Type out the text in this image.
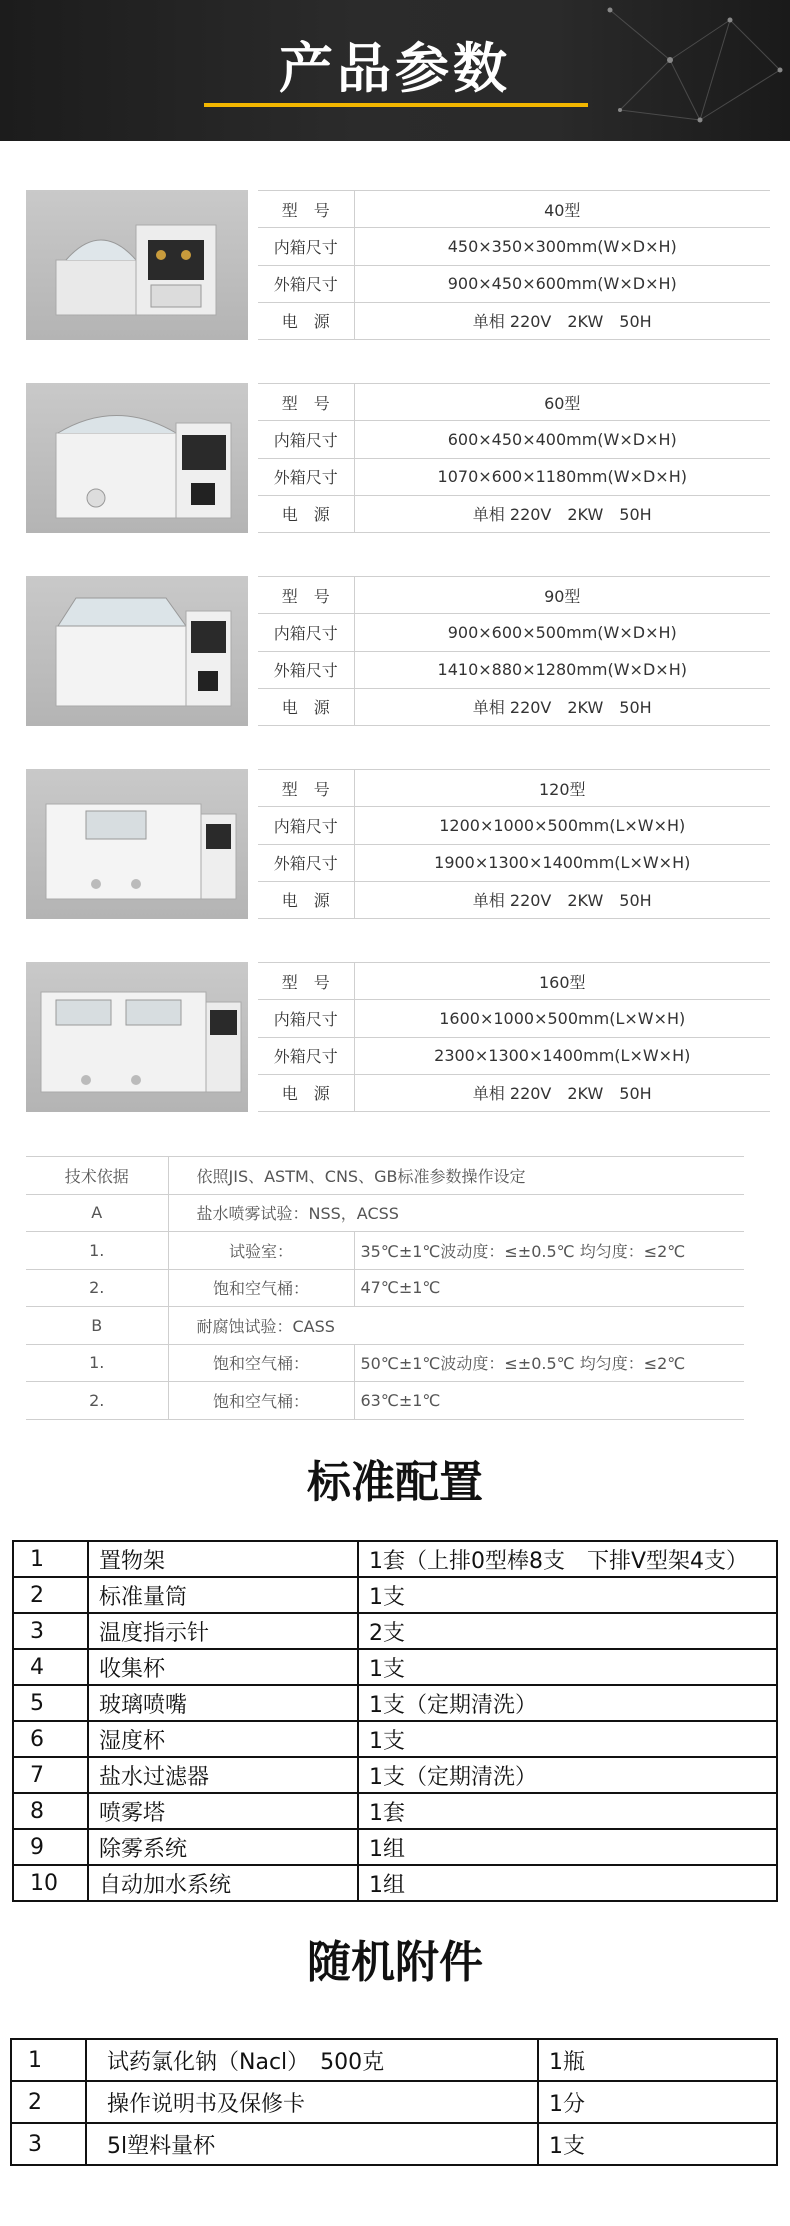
产品参数
型　号	40型
内箱尺寸	450×350×300mm(W×D×H)
外箱尺寸	900×450×600mm(W×D×H)
电　源	单相 220V　2KW　50H
型　号	60型
内箱尺寸	600×450×400mm(W×D×H)
外箱尺寸	1070×600×1180mm(W×D×H)
电　源	单相 220V　2KW　50H
型　号	90型
内箱尺寸	900×600×500mm(W×D×H)
外箱尺寸	1410×880×1280mm(W×D×H)
电　源	单相 220V　2KW　50H
型　号	120型
内箱尺寸	1200×1000×500mm(L×W×H)
外箱尺寸	1900×1300×1400mm(L×W×H)
电　源	单相 220V　2KW　50H
型　号	160型
内箱尺寸	1600×1000×500mm(L×W×H)
外箱尺寸	2300×1300×1400mm(L×W×H)
电　源	单相 220V　2KW　50H
技术依据	依照JIS、ASTM、CNS、GB标准参数操作设定	
A	盐水喷雾试验：NSS，ACSS	
1.	试验室：	35℃±1℃波动度：≤±0.5℃ 均匀度：≤2℃
2.	饱和空气桶：	47℃±1℃
B	耐腐蚀试验：CASS	
1.	饱和空气桶：	50℃±1℃波动度：≤±0.5℃ 均匀度：≤2℃
2.	饱和空气桶：	63℃±1℃
标准配置
1	置物架	1套（上排0型棒8支　下排V型架4支）
2	标准量筒	1支
3	温度指示针	2支
4	收集杯	1支
5	玻璃喷嘴	1支（定期清洗）
6	湿度杯	1支
7	盐水过滤器	1支（定期清洗）
8	喷雾塔	1套
9	除雾系统	1组
10	自动加水系统	1组
随机附件
1	试药氯化钠（Nacl）　500克	1瓶
2	操作说明书及保修卡	1分
3	5l塑料量杯	1支
